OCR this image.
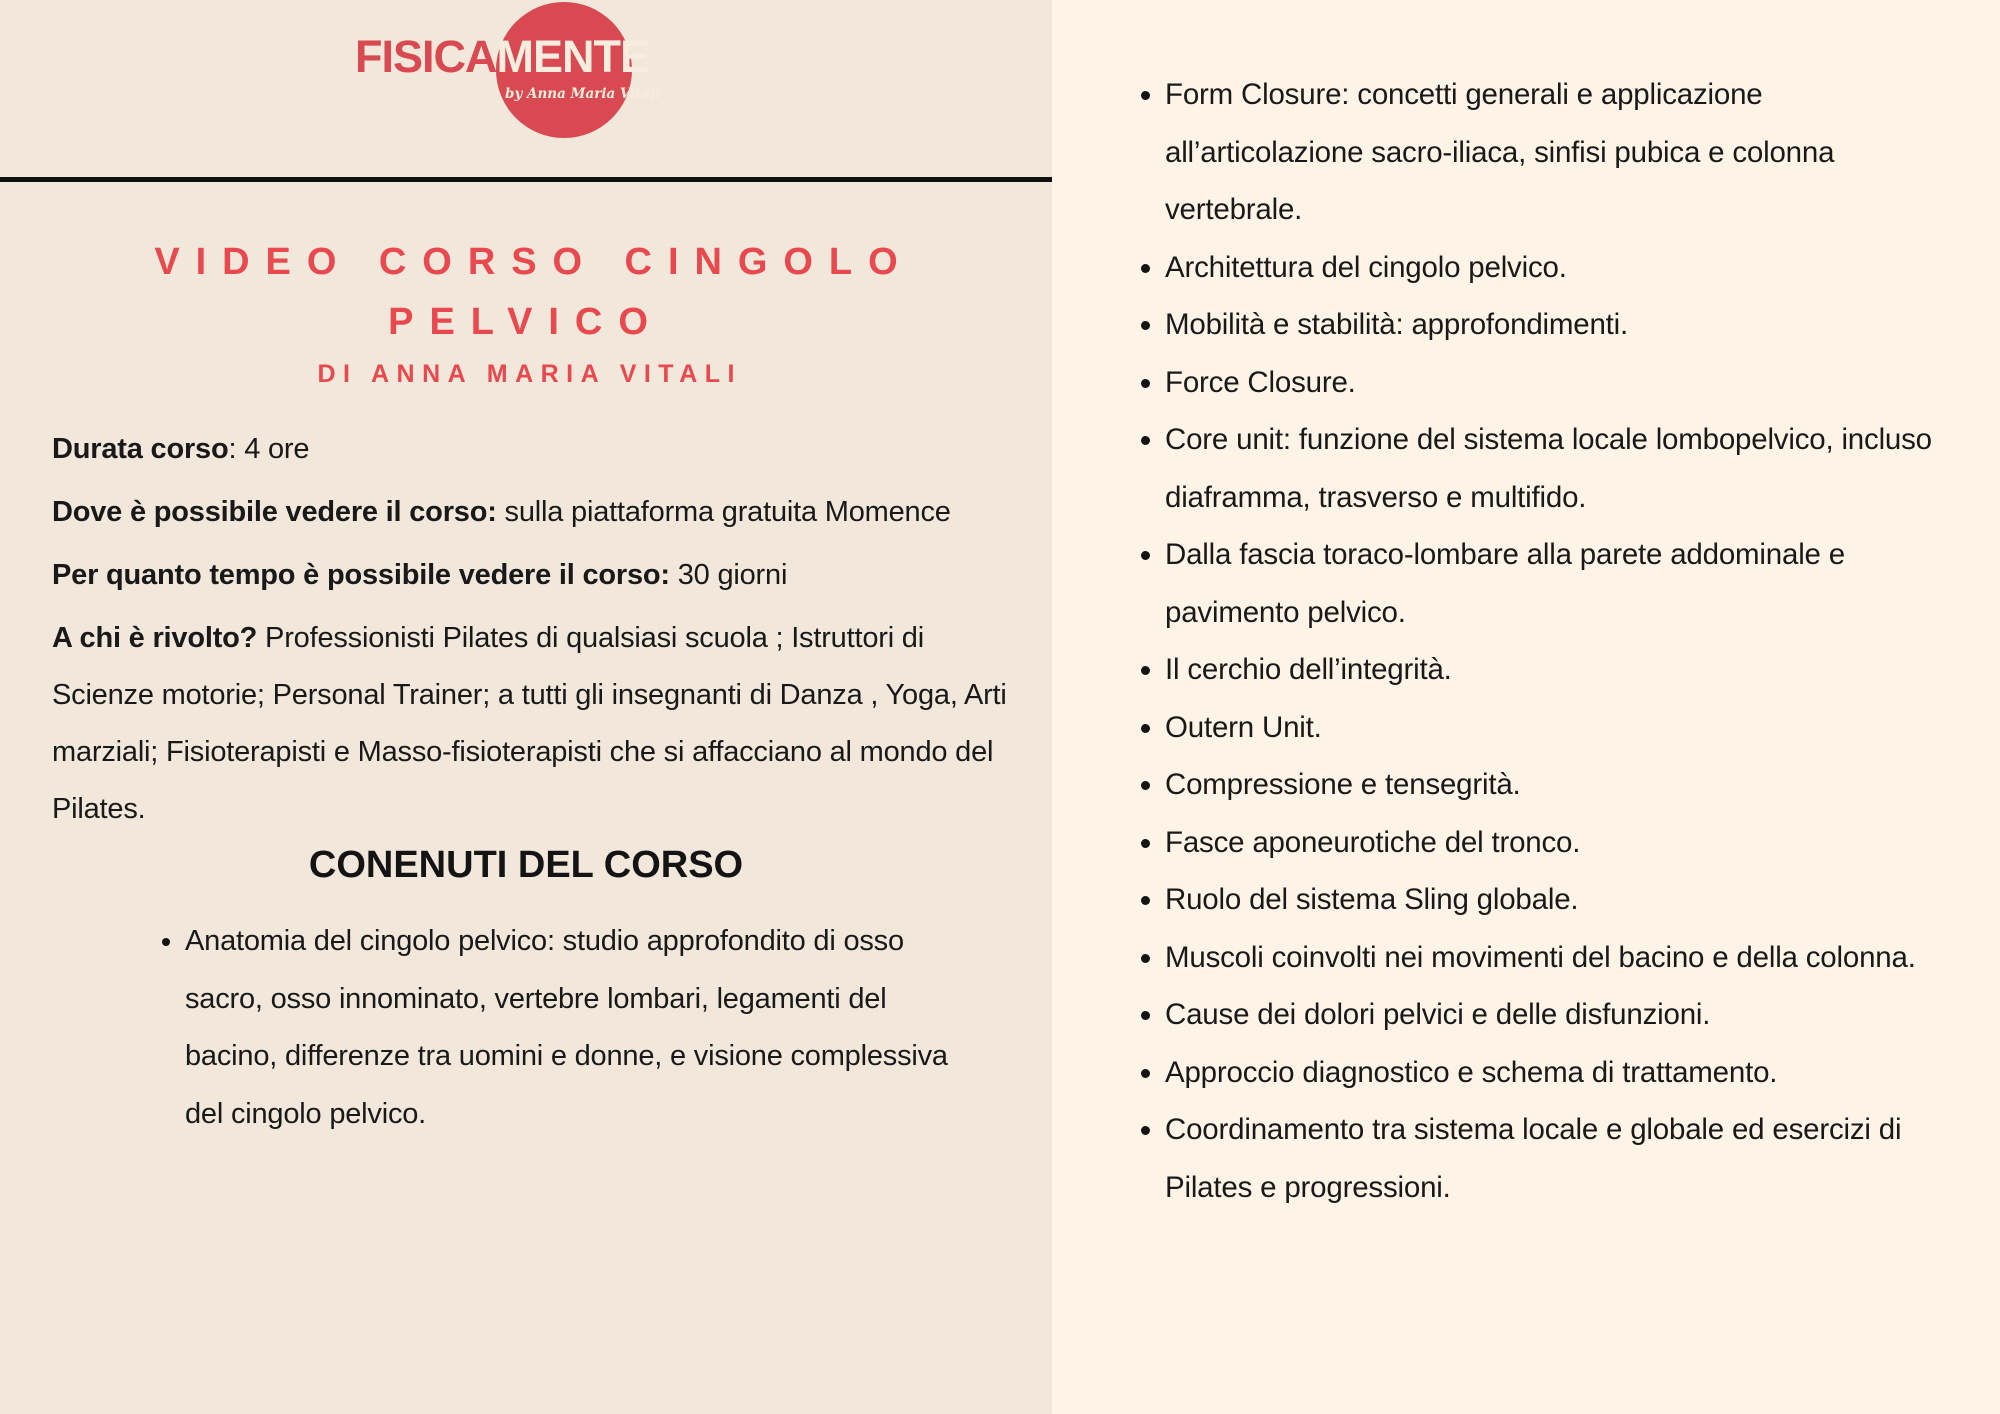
FISICAMENTE
by Anna Maria Vitali
VIDEO CORSO CINGOLO
PELVICO
DI ANNA MARIA VITALI

Durata corso: 4 ore

Dove è possibile vedere il corso: sulla piattaforma gratuita Momence

Per quanto tempo è possibile vedere il corso: 30 giorni

A chi è rivolto? Professionisti Pilates di qualsiasi scuola ; Istruttori di Scienze motorie; Personal Trainer; a tutti gli insegnanti di Danza , Yoga, Arti marziali; Fisioterapisti e Masso-fisioterapisti che si affacciano al mondo del Pilates.

CONENUTI DEL CORSO
• Anatomia del cingolo pelvico: studio approfondito di osso sacro, osso innominato, vertebre lombari, legamenti del bacino, differenze tra uomini e donne, e visione complessiva del cingolo pelvico.
• Form Closure: concetti generali e applicazione all’articolazione sacro-iliaca, sinfisi pubica e colonna vertebrale.
• Architettura del cingolo pelvico.
• Mobilità e stabilità: approfondimenti.
• Force Closure.
• Core unit: funzione del sistema locale lombopelvico, incluso diaframma, trasverso e multifido.
• Dalla fascia toraco-lombare alla parete addominale e pavimento pelvico.
• Il cerchio dell’integrità.
• Outern Unit.
• Compressione e tensegrità.
• Fasce aponeurotiche del tronco.
• Ruolo del sistema Sling globale.
• Muscoli coinvolti nei movimenti del bacino e della colonna.
• Cause dei dolori pelvici e delle disfunzioni.
• Approccio diagnostico e schema di trattamento.
• Coordinamento tra sistema locale e globale ed esercizi di Pilates e progressioni.
